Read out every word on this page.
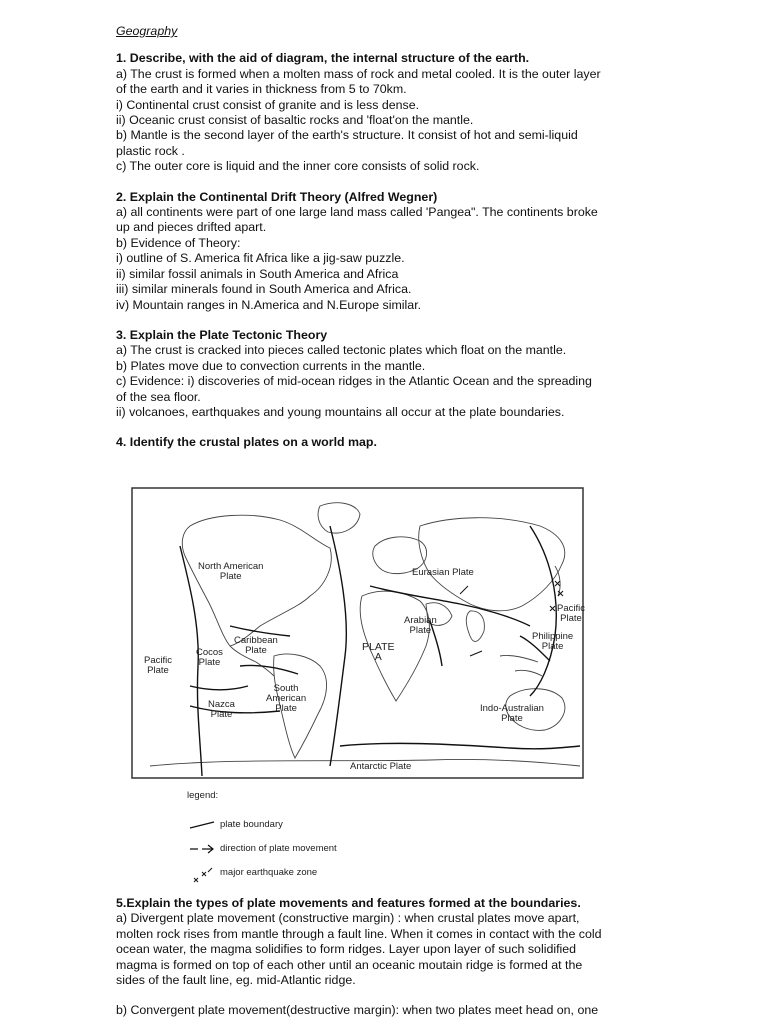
Geography
1. Describe, with the aid of diagram, the internal structure of the earth.
a) The crust is formed when a molten mass of rock and metal cooled. It is the outer layer
of the earth and it varies in thickness from 5 to 70km.
i) Continental crust consist of granite and is less dense.
ii) Oceanic crust consist of basaltic rocks and 'float'on the mantle.
b) Mantle is the second layer of the earth's structure. It consist of hot and semi-liquid
plastic rock .
c) The outer core is liquid and the inner core consists of solid rock.
2. Explain the Continental Drift Theory (Alfred Wegner)
a) all continents were part of one large land mass called 'Pangea". The continents broke
up and pieces drifted apart.
b) Evidence of Theory:
i) outline of S. America fit Africa like a jig-saw puzzle.
ii) similar fossil animals in South America and Africa
iii) similar minerals found in South America and Africa.
iv) Mountain ranges in N.America and N.Europe similar.
3. Explain the Plate Tectonic Theory
a) The crust is cracked into pieces called tectonic plates which float on the mantle.
b) Plates move due to convection currents in the mantle.
c) Evidence: i) discoveries of mid-ocean ridges in the Atlantic Ocean and the spreading
of the sea floor.
ii) volcanoes, earthquakes and young mountains all occur at the plate boundaries.
4. Identify the crustal plates on a world map.
North American
Plate	Eurasian Plate
Pacific
Plate
Philippine
Plate
Arabian
Plate
Caribbean
Plate
Cocos
Plate
Pacific
Plate
PLATE
A
South
American
Plate
Nazca
Plate
Indo-Australian
Plate
Antarctic Plate
legend:
plate boundary
direction of plate movement
major earthquake zone
5.Explain the types of plate movements and features formed at the boundaries.
a) Divergent plate movement (constructive margin) : when crustal plates move apart,
molten rock rises from mantle through a fault line. When it comes in contact with the cold
ocean water, the magma solidifies to form ridges. Layer upon layer of such solidified
magma is formed on top of each other until an oceanic moutain ridge is formed at the
sides of the fault line, eg. mid-Atlantic ridge.
b) Convergent plate movement(destructive margin): when two plates meet head on, one
